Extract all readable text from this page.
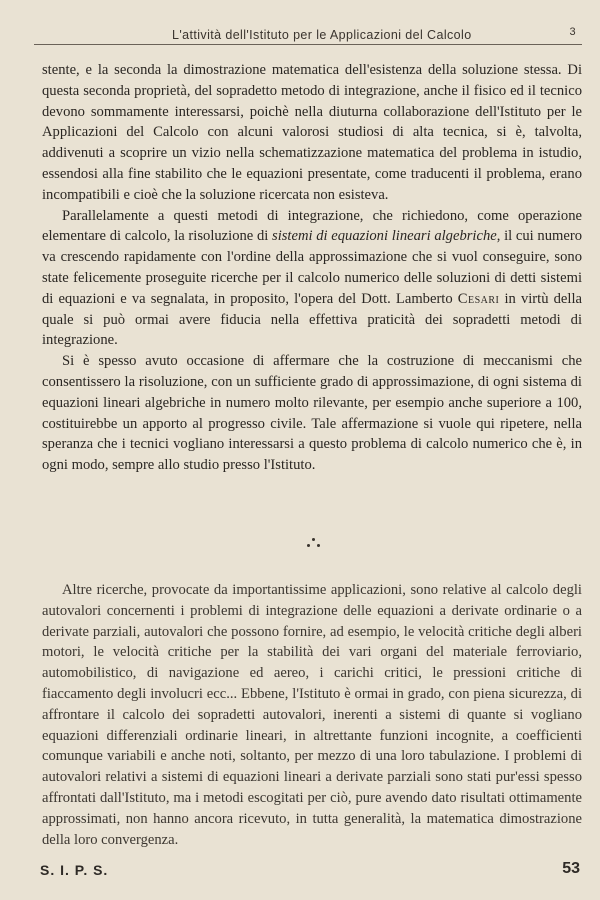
L'attività dell'Istituto per le Applicazioni del Calcolo	3

stente, e la seconda la dimostrazione matematica dell'esistenza della soluzione stessa. Di questa seconda proprietà, del sopradetto metodo di integrazione, anche il fisico ed il tecnico devono sommamente interessarsi, poichè nella diuturna collaborazione dell'Istituto per le Applicazioni del Calcolo con alcuni valorosi studiosi di alta tecnica, si è, talvolta, addivenuti a scoprire un vizio nella schematizzazione matematica del problema in istudio, essendosi alla fine stabilito che le equazioni presentate, come traducenti il problema, erano incompatibili e cioè che la soluzione ricercata non esisteva.

Parallelamente a questi metodi di integrazione, che richiedono, come operazione elementare di calcolo, la risoluzione di sistemi di equazioni lineari algebriche, il cui numero va crescendo rapidamente con l'ordine della approssimazione che si vuol conseguire, sono state felicemente proseguite ricerche per il calcolo numerico delle soluzioni di detti sistemi di equazioni e va segnalata, in proposito, l'opera del Dott. Lamberto Cesari in virtù della quale si può ormai avere fiducia nella effettiva praticità dei sopradetti metodi di integrazione.

Si è spesso avuto occasione di affermare che la costruzione di meccanismi che consentissero la risoluzione, con un sufficiente grado di approssimazione, di ogni sistema di equazioni lineari algebriche in numero molto rilevante, per esempio anche superiore a 100, costituirebbe un apporto al progresso civile. Tale affermazione si vuole qui ripetere, nella speranza che i tecnici vogliano interessarsi a questo problema di calcolo numerico che è, in ogni modo, sempre allo studio presso l'Istituto.

Altre ricerche, provocate da importantissime applicazioni, sono relative al calcolo degli autovalori concernenti i problemi di integrazione delle equazioni a derivate ordinarie o a derivate parziali, autovalori che possono fornire, ad esempio, le velocità critiche degli alberi motori, le velocità critiche per la stabilità dei vari organi del materiale ferroviario, automobilistico, di navigazione ed aereo, i carichi critici, le pressioni critiche di fiaccamento degli involucri ecc... Ebbene, l'Istituto è ormai in grado, con piena sicurezza, di affrontare il calcolo dei sopradetti autovalori, inerenti a sistemi di quante si vogliano equazioni differenziali ordinarie lineari, in altrettante funzioni incognite, a coefficienti comunque variabili e anche noti, soltanto, per mezzo di una loro tabulazione. I problemi di autovalori relativi a sistemi di equazioni lineari a derivate parziali sono stati pur'essi spesso affrontati dall'Istituto, ma i metodi escogitati per ciò, pure avendo dato risultati ottimamente approssimati, non hanno ancora ricevuto, in tutta generalità, la matematica dimostrazione della loro convergenza.

S. I. P. S.	53
